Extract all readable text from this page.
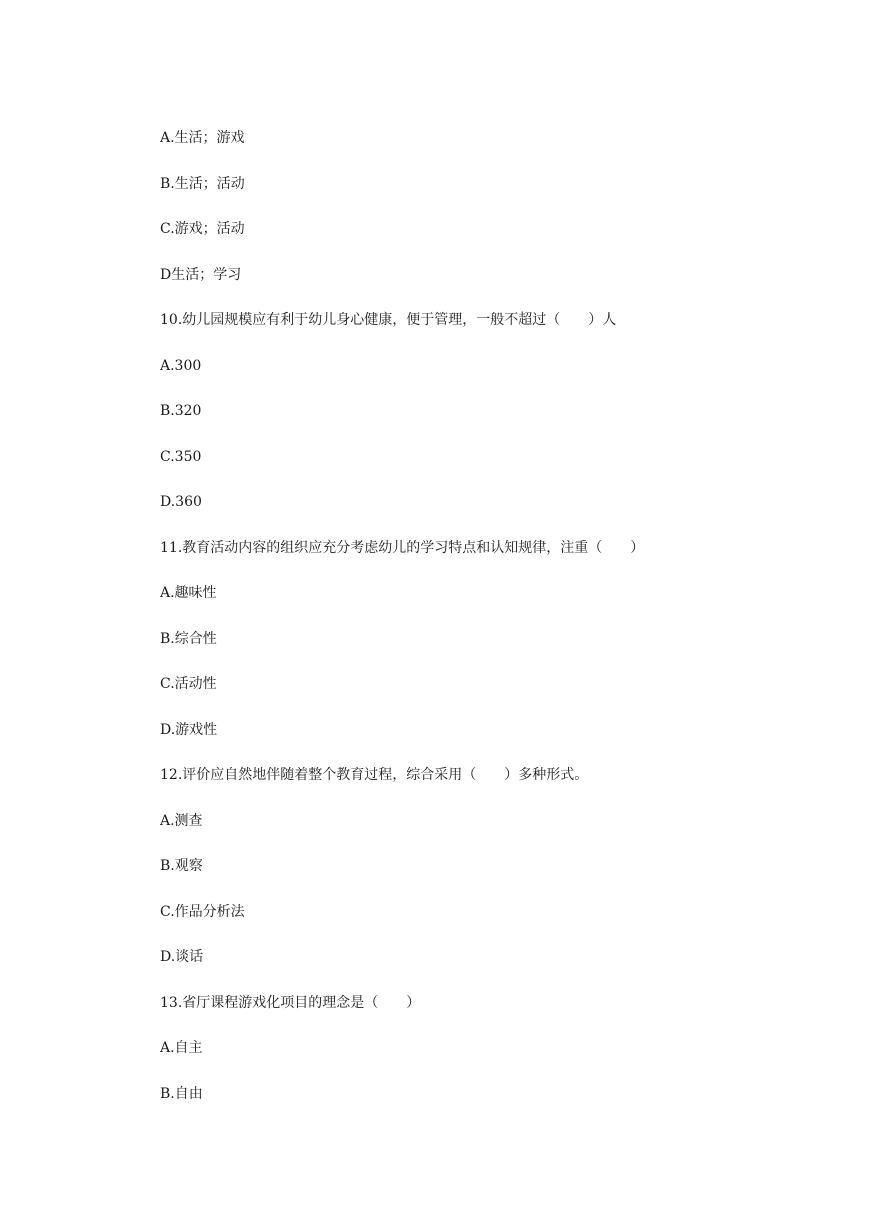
A.生活；游戏
B.生活；活动
C.游戏；活动
D生活；学习
10.幼儿园规模应有利于幼儿身心健康，便于管理，一般不超过（　　）人
A.300
B.320
C.350
D.360
11.教育活动内容的组织应充分考虑幼儿的学习特点和认知规律，注重（　　）
A.趣味性
B.综合性
C.活动性
D.游戏性
12.评价应自然地伴随着整个教育过程，综合采用（　　）多种形式。
A.测查
B.观察
C.作品分析法
D.谈话
13.省厅课程游戏化项目的理念是（　　）
A.自主
B.自由
